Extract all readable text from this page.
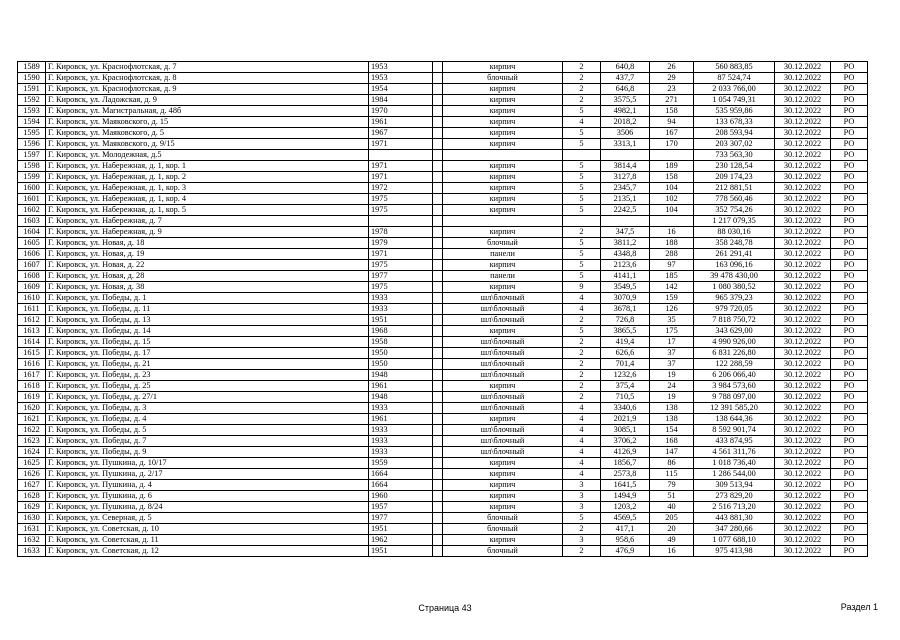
1589	Г. Кировск, ул. Краснофлотская, д. 7	1953		кирпич	2	640,8	26	560 883,85	30.12.2022	РО
1590	Г. Кировск, ул. Краснофлотская, д. 8	1953		блочный	2	437,7	29	87 524,74	30.12.2022	РО
1591	Г. Кировск, ул. Краснофлотская, д. 9	1954		кирпич	2	646,8	23	2 033 766,00	30.12.2022	РО
1592	Г. Кировск, ул. Ладожская, д. 9	1984		кирпич	2	3575,5	271	1 054 749,31	30.12.2022	РО
1593	Г. Кировск, ул. Магистральная, д. 48б	1970		кирпич	5	4982,1	158	535 959,86	30.12.2022	РО
1594	Г. Кировск, ул. Маяковского, д. 15	1961		кирпич	4	2018,2	94	133 678,33	30.12.2022	РО
1595	Г. Кировск, ул. Маяковского, д. 5	1967		кирпич	5	3506	167	208 593,94	30.12.2022	РО
1596	Г. Кировск, ул. Маяковского, д. 9/15	1971		кирпич	5	3313,1	170	203 307,02	30.12.2022	РО
1597	Г. Кировск, ул. Молодежная, д.5							733 563,30	30.12.2022	РО
1598	Г. Кировск, ул. Набережная, д. 1, кор. 1	1971		кирпич	5	3814,4	189	230 128,54	30.12.2022	РО
1599	Г. Кировск, ул. Набережная, д. 1, кор. 2	1971		кирпич	5	3127,8	158	209 174,23	30.12.2022	РО
1600	Г. Кировск, ул. Набережная, д. 1, кор. 3	1972		кирпич	5	2345,7	104	212 881,51	30.12.2022	РО
1601	Г. Кировск, ул. Набережная, д. 1, кор. 4	1975		кирпич	5	2135,1	102	778 560,46	30.12.2022	РО
1602	Г. Кировск, ул. Набережная, д. 1, кор. 5	1975		кирпич	5	2242,5	104	352 754,26	30.12.2022	РО
1603	Г. Кировск, ул. Набережная, д. 7							1 217 079,35	30.12.2022	РО
1604	Г. Кировск, ул. Набережная, д. 9	1978		кирпич	2	347,5	16	88 030,16	30.12.2022	РО
1605	Г. Кировск, ул. Новая, д. 18	1979		блочный	5	3811,2	188	358 248,78	30.12.2022	РО
1606	Г. Кировск, ул. Новая, д. 19	1971		панели	5	4348,8	288	261 291,41	30.12.2022	РО
1607	Г. Кировск, ул. Новая, д. 22	1975		кирпич	5	2123,6	97	163 096,16	30.12.2022	РО
1608	Г. Кировск, ул. Новая, д. 28	1977		панели	5	4141,1	185	39 478 430,00	30.12.2022	РО
1609	Г. Кировск, ул. Новая, д. 38	1975		кирпич	9	3549,5	142	1 080 380,52	30.12.2022	РО
1610	Г. Кировск, ул. Победы, д. 1	1933		шл\блочный	4	3070,9	159	965 379,23	30.12.2022	РО
1611	Г. Кировск, ул. Победы, д. 11	1933		шл\блочный	4	3678,1	126	979 720,05	30.12.2022	РО
1612	Г. Кировск, ул. Победы, д. 13	1951		шл\блочный	2	726,8	35	7 818 750,72	30.12.2022	РО
1613	Г. Кировск, ул. Победы, д. 14	1968		кирпич	5	3865,5	175	343 629,00	30.12.2022	РО
1614	Г. Кировск, ул. Победы, д. 15	1958		шл\блочный	2	419,4	17	4 990 926,00	30.12.2022	РО
1615	Г. Кировск, ул. Победы, д. 17	1950		шл\блочный	2	626,6	37	6 831 226,80	30.12.2022	РО
1616	Г. Кировск, ул. Победы, д. 21	1950		шл\блочный	2	701,4	37	122 288,59	30.12.2022	РО
1617	Г. Кировск, ул. Победы, д. 23	1948		шл\блочный	2	1232,6	19	6 206 066,40	30.12.2022	РО
1618	Г. Кировск, ул. Победы, д. 25	1961		кирпич	2	375,4	24	3 984 573,60	30.12.2022	РО
1619	Г. Кировск, ул. Победы, д. 27/1	1948		шл\блочный	2	710,5	19	9 788 097,00	30.12.2022	РО
1620	Г. Кировск, ул. Победы, д. 3	1933		шл\блочный	4	3340,6	138	12 391 585,20	30.12.2022	РО
1621	Г. Кировск, ул. Победы, д. 4	1961		кирпич	4	2021,9	138	138 644,36	30.12.2022	РО
1622	Г. Кировск, ул. Победы, д. 5	1933		шл\блочный	4	3085,1	154	8 592 901,74	30.12.2022	РО
1623	Г. Кировск, ул. Победы, д. 7	1933		шл\блочный	4	3706,2	168	433 874,95	30.12.2022	РО
1624	Г. Кировск, ул. Победы, д. 9	1933		шл\блочный	4	4126,9	147	4 561 311,76	30.12.2022	РО
1625	Г. Кировск, ул. Пушкина, д. 10/17	1959		кирпич	4	1856,7	86	1 018 736,40	30.12.2022	РО
1626	Г. Кировск, ул. Пушкина, д. 2/17	1664		кирпич	4	2573,8	115	1 286 544,00	30.12.2022	РО
1627	Г. Кировск, ул. Пушкина, д. 4	1664		кирпич	3	1641,5	79	309 513,94	30.12.2022	РО
1628	Г. Кировск, ул. Пушкина, д. 6	1960		кирпич	3	1494,9	51	273 829,20	30.12.2022	РО
1629	Г. Кировск, ул. Пушкина, д. 8/24	1957		кирпич	3	1203,2	40	2 516 713,20	30.12.2022	РО
1630	Г. Кировск, ул. Северная, д. 5	1977		блочный	5	4569,5	205	443 881,30	30.12.2022	РО
1631	Г. Кировск, ул. Советская, д. 10	1951		блочный	2	417,1	20	347 280,66	30.12.2022	РО
1632	Г. Кировск, ул. Советская, д. 11	1962		кирпич	3	958,6	49	1 077 688,10	30.12.2022	РО
1633	Г. Кировск, ул. Советская, д. 12	1951		блочный	2	476,9	16	975 413,98	30.12.2022	РО
Страница 43	Раздел 1
